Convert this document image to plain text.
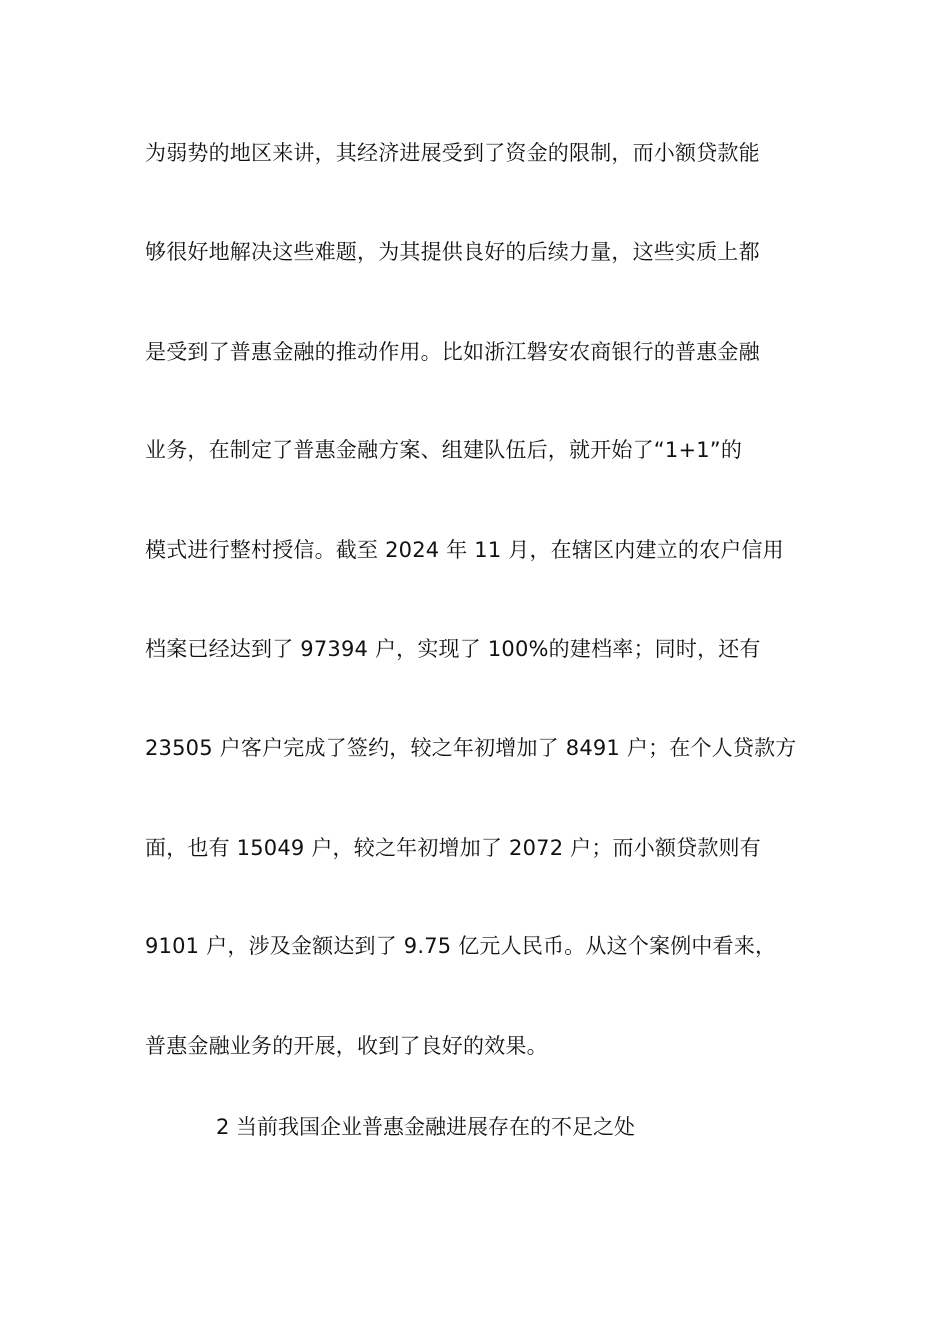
为弱势的地区来讲，其经济进展受到了资金的限制，而小额贷款能
够很好地解决这些难题，为其提供良好的后续力量，这些实质上都
是受到了普惠金融的推动作用。比如浙江磐安农商银行的普惠金融
业务，在制定了普惠金融方案、组建队伍后，就开始了“1+1”的
模式进行整村授信。截至 2024 年 11 月，在辖区内建立的农户信用
档案已经达到了 97394 户，实现了 100%的建档率；同时，还有
23505 户客户完成了签约，较之年初增加了 8491 户；在个人贷款方
面，也有 15049 户，较之年初增加了 2072 户；而小额贷款则有
9101 户，涉及金额达到了 9.75 亿元人民币。从这个案例中看来，
普惠金融业务的开展，收到了良好的效果。
2 当前我国企业普惠金融进展存在的不足之处
